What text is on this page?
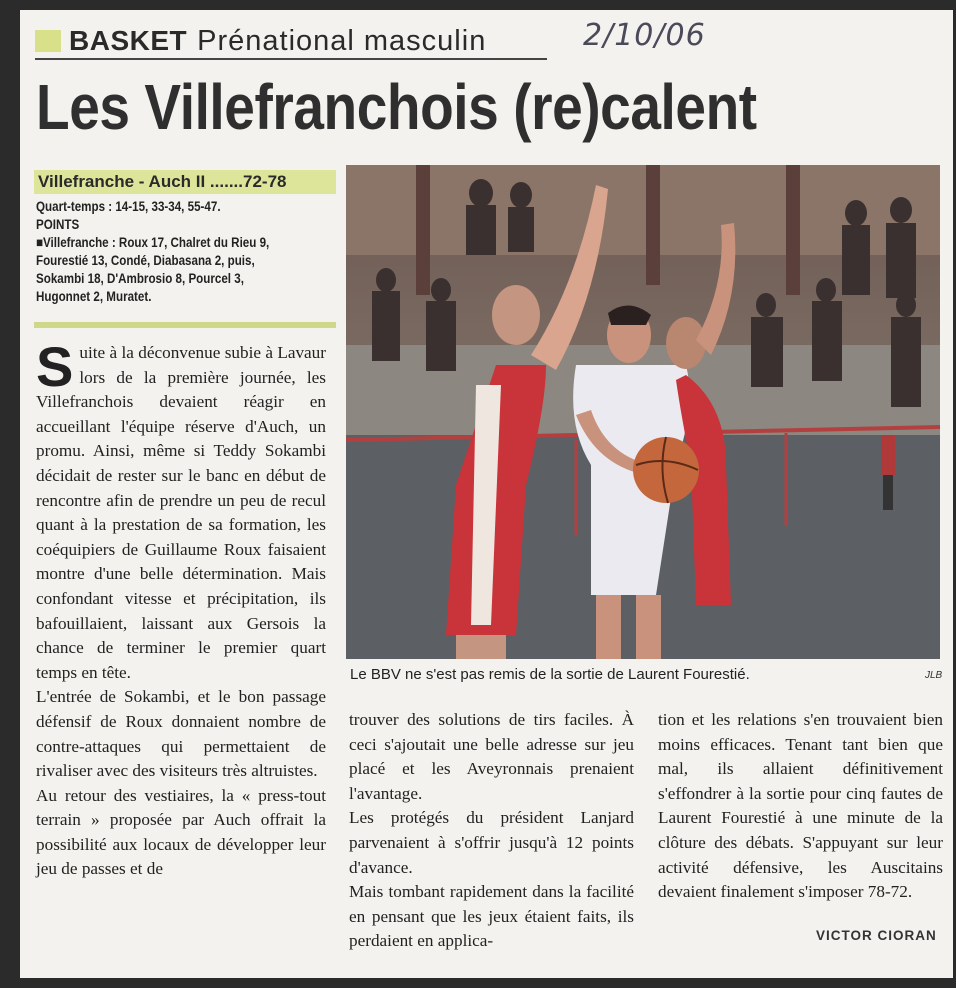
BASKET Prénational masculin	2/10/06
Les Villefranchois (re)calent
Villefranche - Auch II .......72-78
Quart-temps : 14-15, 33-34, 55-47.
POINTS
■Villefranche : Roux 17, Chalret du Rieu 9,
Fourestié 13, Condé, Diabasana 2, puis,
Sokambi 18, D'Ambrosio 8, Pourcel 3,
Hugonnet 2, Muratet.

Suite à la déconvenue subie à Lavaur lors de la première journée, les Villefranchois devaient réagir en accueillant l'équipe réserve d'Auch, un promu. Ainsi, même si Teddy Sokambi décidait de rester sur le banc en début de rencontre afin de prendre un peu de recul quant à la prestation de sa formation, les coéquipiers de Guillaume Roux faisaient montre d'une belle détermination. Mais confondant vitesse et précipitation, ils bafouillaient, laissant aux Gersois la chance de terminer le premier quart temps en tête.

L'entrée de Sokambi, et le bon passage défensif de Roux donnaient nombre de contre-attaques qui permettaient de rivaliser avec des visiteurs très altruistes.

Au retour des vestiaires, la « press-tout terrain » proposée par Auch offrait la possibilité aux locaux de développer leur jeu de passes et de

Le BBV ne s'est pas remis de la sortie de Laurent Fourestié.	JLB

trouver des solutions de tirs faciles. À ceci s'ajoutait une belle adresse sur jeu placé et les Aveyronnais prenaient l'avantage.

Les protégés du président Lanjard parvenaient à s'offrir jusqu'à 12 points d'avance.

Mais tombant rapidement dans la facilité en pensant que les jeux étaient faits, ils perdaient en applica-

tion et les relations s'en trouvaient bien moins efficaces. Tenant tant bien que mal, ils allaient définitivement s'effondrer à la sortie pour cinq fautes de Laurent Fourestié à une minute de la clôture des débats. S'appuyant sur leur activité défensive, les Auscitains devaient finalement s'imposer 78-72.

VICTOR CIORAN
